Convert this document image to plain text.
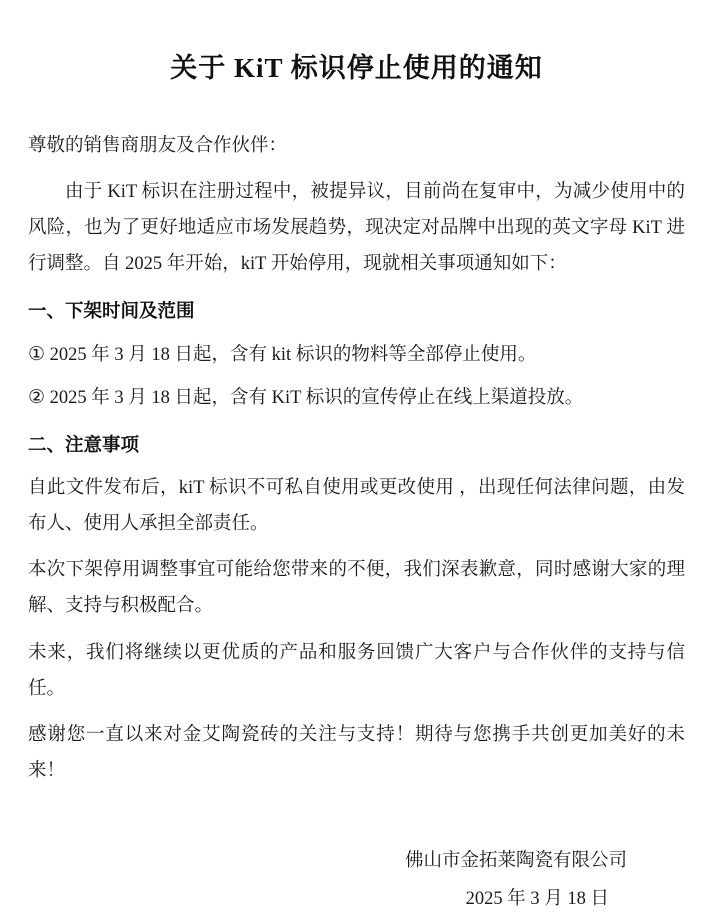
关于 KiT 标识停止使用的通知

尊敬的销售商朋友及合作伙伴：

由于 KiT 标识在注册过程中，被提异议，目前尚在复审中，为减少使用中的风险，也为了更好地适应市场发展趋势，现决定对品牌中出现的英文字母 KiT 进行调整。自 2025 年开始，kiT 开始停用，现就相关事项通知如下：

一、下架时间及范围
① 2025 年 3 月 18 日起，含有 kit 标识的物料等全部停止使用。
② 2025 年 3 月 18 日起，含有 KiT 标识的宣传停止在线上渠道投放。
二、注意事项

自此文件发布后，kiT 标识不可私自使用或更改使用 ，出现任何法律问题，由发布人、使用人承担全部责任。

本次下架停用调整事宜可能给您带来的不便，我们深表歉意，同时感谢大家的理解、支持与积极配合。

未来，我们将继续以更优质的产品和服务回馈广大客户与合作伙伴的支持与信任。

感谢您一直以来对金艾陶瓷砖的关注与支持！期待与您携手共创更加美好的未来！

佛山市金拓莱陶瓷有限公司
2025 年 3 月 18 日
